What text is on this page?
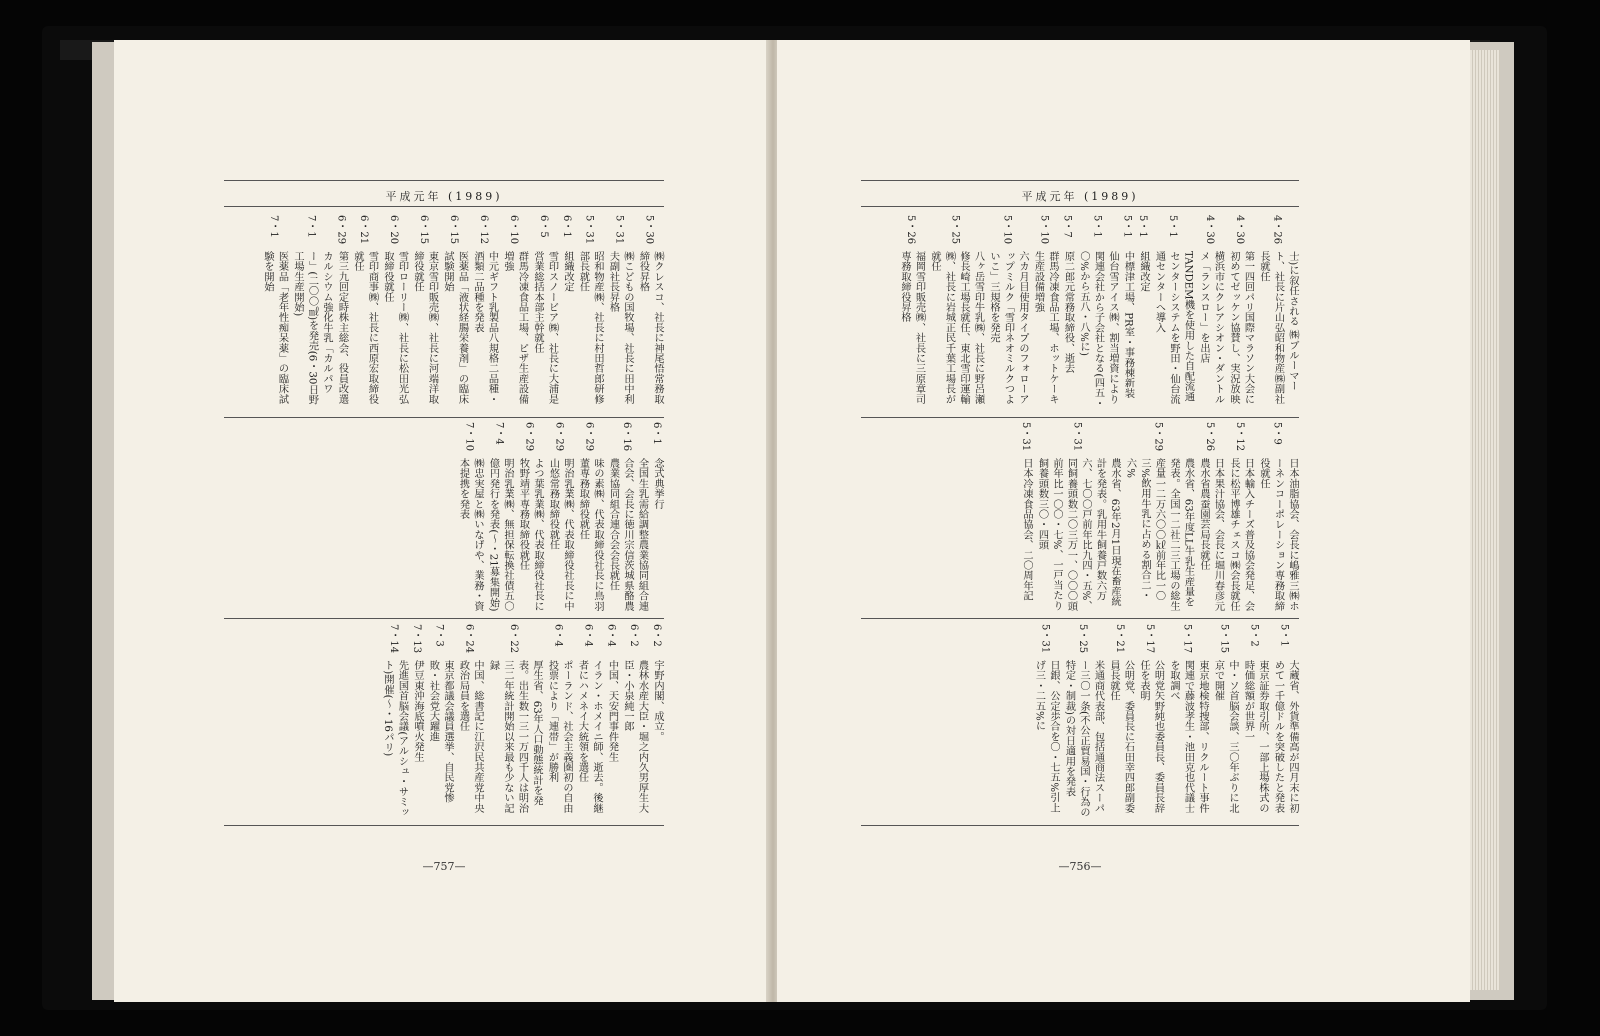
平成元年 (1989)
5・30
㈱クレスコ、社長に神尾悟常務取締役昇格
5・31
㈱こどもの国牧場、社長に田中利夫副社長昇格
5・31
昭和物産㈱、社長に村田哲郎研修部長就任
6・1
組織改定
6・5
雪印スノービア㈱、社長に大浦是営業総括本部主幹就任
6・10
群馬冷凍食品工場、ピザ生産設備増強
6・12
中元ギフト乳製品八規格二品種・酒類二品種を発表
6・15
医薬品「液状経腸栄養剤」の臨床試験開始
6・15
東京雪印販売㈱、社長に河端洋取締役就任
6・20
雪印ローリー㈱、社長に松田光弘取締役就任
6・21
雪印商事㈱、社長に西原宏取締役就任
6・29
第三九回定時株主総会、役員改選
7・1
カルシウム強化牛乳「カルパワー」(二〇〇㎖)を発売(6・30日野工場生産開始)
7・1
医薬品「老年性痴呆薬」の臨床試験を開始
6・1
念式典挙行
6・16
全国生乳需給調整農業協同組合連合会、会長に徳川宗信茨城県酪農農業協同組合連合会会長就任
6・29
味の素㈱、代表取締役社長に鳥羽董専務取締役就任
6・29
明治乳業㈱、代表取締役社長に中山悠常務取締役就任
6・29
よつ葉乳業㈱、代表取締役社長に牧野靖平専務取締役就任
7・4
明治乳業㈱、無担保転換社債五〇億円発行を発表(～・21募集開始)
7・10
㈱忠実屋と㈱いなげや、業務・資本提携を発表
6・2
宇野内閣、成立。
6・2
農林水産大臣・堀之内久男厚生大臣・小泉純一郎
6・4
中国、天安門事件発生
6・4
イラン・ホメイニ師、逝去。後継者にハメネイ大統領を選任
6・4
ポーランド、社会主義圏初の自由投票により「連帯」が勝利
6・22
厚生省、63年人口動態統計を発表。出生数一三一万四千人は明治三二年統計開始以来最も少ない記録
6・24
中国、総書記に江沢民共産党中央政治局員を選任
7・3
東京都議会議員選挙、自民党惨敗・社会党大躍進
7・13
伊豆東沖海底噴火発生
7・14
先進国首脳会議(アルシュ・サミット)開催(～・16パリ)
—757—
平成元年 (1989)
4・26
士)に叙任される ㈱ブルーマート、社長に片山弘昭和物産㈱副社長就任
4・30
第一四回パリ国際マラソン大会に初めてゼッケン協賛し、実況放映
4・30
横浜市にクレアシオン・ダントルメ「ランスロー」を出店
5・1
TANDEM機を使用した自配流通センターシステムを野田・仙台流通センターへ導入
5・1
組織改定
5・1
中標津工場、PR室・事務棟新装
5・1
仙台雪アイス㈱、割当増資により関連会社から子会社となる(四五・〇%から五八・八%に)
5・7
原二郎元常務取締役、逝去
5・10
群馬冷凍食品工場、ホットケーキ生産設備増強
5・10
六カ月目使用タイプのフォローアップミルク「雪印ネオミルクつよいこ」三規格を発売
5・25
八ヶ岳雪印牛乳㈱、社長に野呂瀬修長崎工場長就任、東北雪印運輸㈱、社長に岩城正民千葉工場長が就任
5・26
福岡雪印販売㈱、社長に三原章司専務取締役昇格
5・9
日本油脂協会、会長に嶋雅三㈱ホーネンコーポレーション専務取締役就任
5・12
日本輸入チーズ普及協会発足、会長に松平博雄チェスコ㈱会長就任
5・26
日本果汁協会、会長に堀川春彦元農水省農蚕園芸局長就任
5・29
農水省、63年度LL牛乳生産量を発表。全国一二社二三工場の総生産量一二万六〇〇㎘前年比一〇三%飲用牛乳に占める割合二・六%
5・31
農水省、63年2月1日現在畜産統計を発表。乳用牛飼養戸数六万六、七〇〇戸前年比九四・五%、同飼養頭数二〇三万一、〇〇〇頭前年比一〇〇・七%、一戸当たり飼養頭数三〇・四頭
5・31
日本冷凍食品協会、二〇周年記
5・1
大蔵省、外貨準備高が四月末に初めて一千億ドルを突破したと発表
5・2
東京証券取引所、一部上場株式の時価総額が世界一
5・15
中・ソ首脳会談、三〇年ぶりに北京で開催
5・17
東京地検特捜部、リクルート事件関連で藤波孝生・池田克也代議士を取調べ
5・17
公明党矢野純也委員長、委員長辞任を表明
5・21
公明党、委員長に石田幸四郎副委員長就任
5・25
米通商代表部、包括通商法スーパー三〇一条(不公正貿易国・行為の特定・制裁)の対日適用を発表
5・31
日銀、公定歩合を〇・七五%引上げ三・二五%に
—756—
